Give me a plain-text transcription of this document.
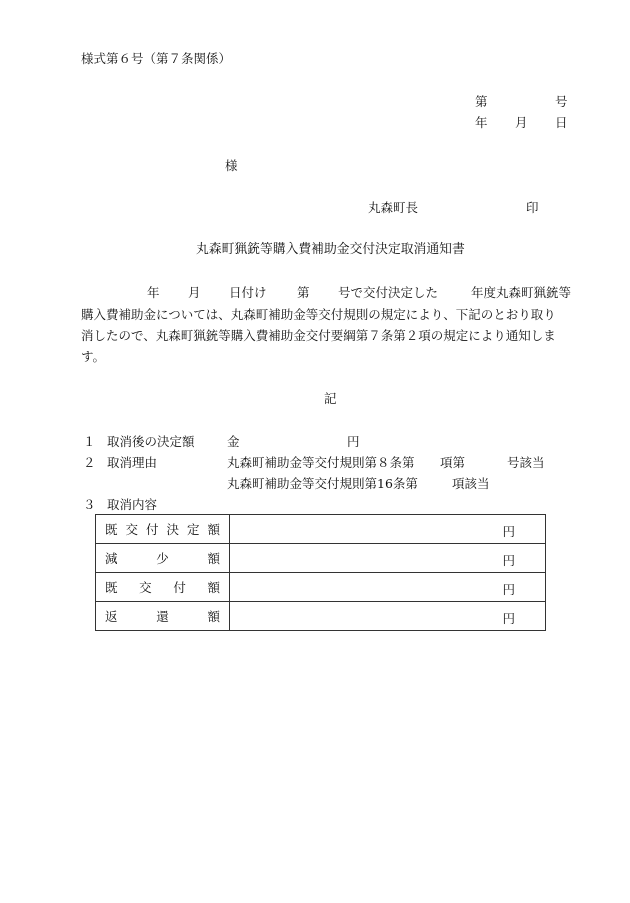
様式第６号（第７条関係）
第	号
年 月 日
様
丸森町長	印
丸森町猟銃等購入費補助金交付決定取消通知書
年 月 日付け 第 号で交付決定した	年度丸森町猟銃等
購入費補助金については、丸森町補助金等交付規則の規定により、下記のとおり取り
消したので、丸森町猟銃等購入費補助金交付要綱第７条第２項の規定により通知しま
す。
記
１ 取消後の決定額	金	円
２ 取消理由	丸森町補助金等交付規則第８条第 項第	号該当
丸森町補助金等交付規則第16条第	項該当
３ 取消内容
既交付決定額	円

減少額	円

既交付額	円

返還額	円
